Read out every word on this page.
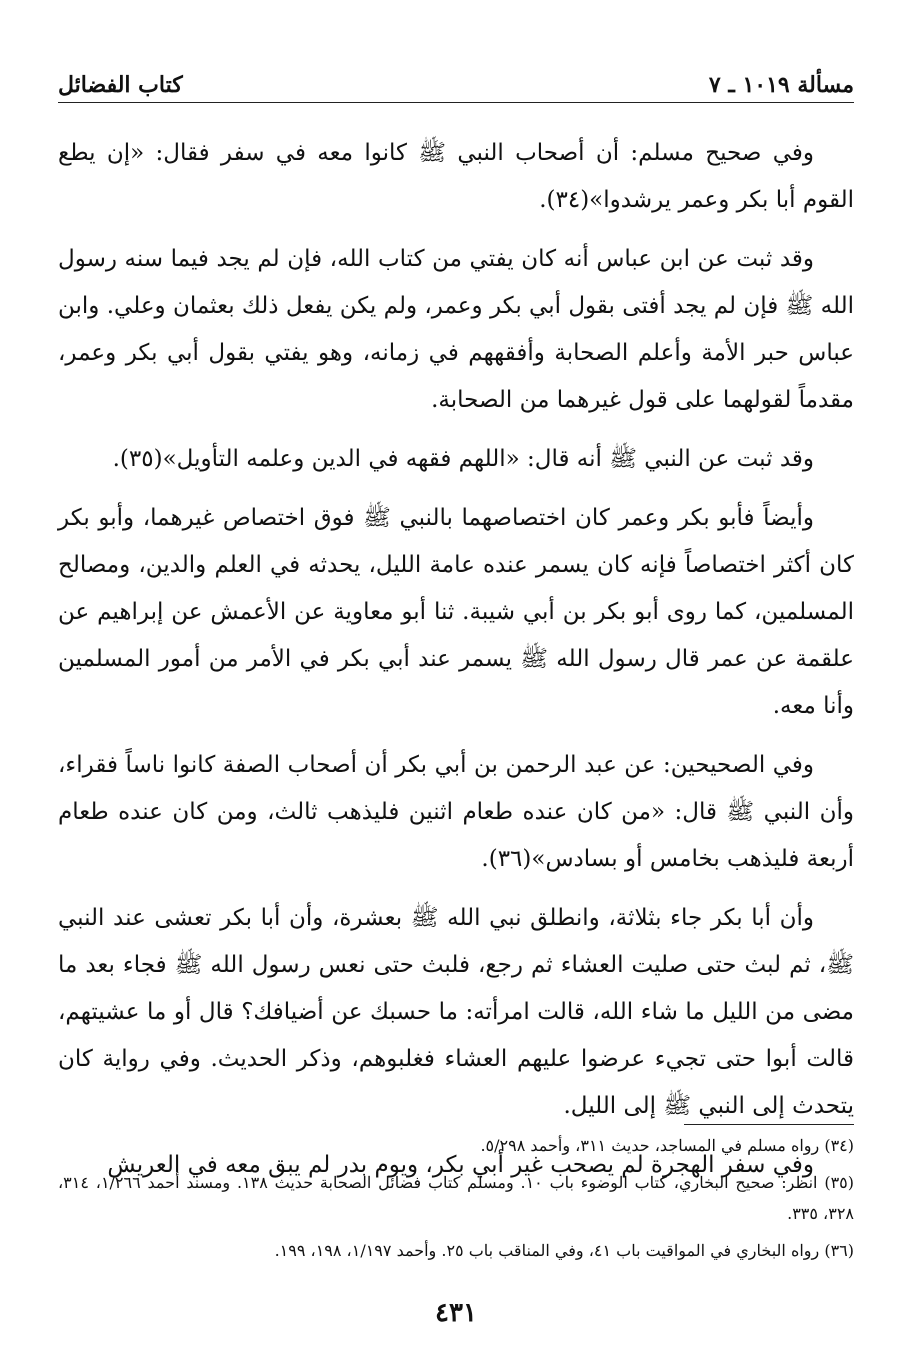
مسألة ١٠١٩ ـ ٧
كتاب الفضائل

وفي صحيح مسلم: أن أصحاب النبي ﷺ كانوا معه في سفر فقال: «إن يطع القوم أبا بكر وعمر يرشدوا»(٣٤).

وقد ثبت عن ابن عباس أنه كان يفتي من كتاب الله، فإن لم يجد فيما سنه رسول الله ﷺ فإن لم يجد أفتى بقول أبي بكر وعمر، ولم يكن يفعل ذلك بعثمان وعلي. وابن عباس حبر الأمة وأعلم الصحابة وأفقههم في زمانه، وهو يفتي بقول أبي بكر وعمر، مقدماً لقولهما على قول غيرهما من الصحابة.

وقد ثبت عن النبي ﷺ أنه قال: «اللهم فقهه في الدين وعلمه التأويل»(٣٥).

وأيضاً فأبو بكر وعمر كان اختصاصهما بالنبي ﷺ فوق اختصاص غيرهما، وأبو بكر كان أكثر اختصاصاً فإنه كان يسمر عنده عامة الليل، يحدثه في العلم والدين، ومصالح المسلمين، كما روى أبو بكر بن أبي شيبة. ثنا أبو معاوية عن الأعمش عن إبراهيم عن علقمة عن عمر قال رسول الله ﷺ يسمر عند أبي بكر في الأمر من أمور المسلمين وأنا معه.

وفي الصحيحين: عن عبد الرحمن بن أبي بكر أن أصحاب الصفة كانوا ناساً فقراء، وأن النبي ﷺ قال: «من كان عنده طعام اثنين فليذهب ثالث، ومن كان عنده طعام أربعة فليذهب بخامس أو بسادس»(٣٦).

وأن أبا بكر جاء بثلاثة، وانطلق نبي الله ﷺ بعشرة، وأن أبا بكر تعشى عند النبي ﷺ، ثم لبث حتى صليت العشاء ثم رجع، فلبث حتى نعس رسول الله ﷺ فجاء بعد ما مضى من الليل ما شاء الله، قالت امرأته: ما حسبك عن أضيافك؟ قال أو ما عشيتهم، قالت أبوا حتى تجيء عرضوا عليهم العشاء فغلبوهم، وذكر الحديث. وفي رواية كان يتحدث إلى النبي ﷺ إلى الليل.

وفي سفر الهجرة لم يصحب غير أبي بكر، ويوم بدر لم يبق معه في العريش

(٣٤) رواه مسلم في المساجد، حديث ٣١١، وأحمد ٥/٢٩٨.

(٣٥) انظر: صحيح البخاري، كتاب الوضوء باب ١٠. ومسلم كتاب فضائل الصحابة حديث ١٣٨. ومسند أحمد ١/٢٦٦، ٣١٤، ٣٢٨، ٣٣٥.

(٣٦) رواه البخاري في المواقيت باب ٤١، وفي المناقب باب ٢٥. وأحمد ١/١٩٧، ١٩٨، ١٩٩.

٤٣١
